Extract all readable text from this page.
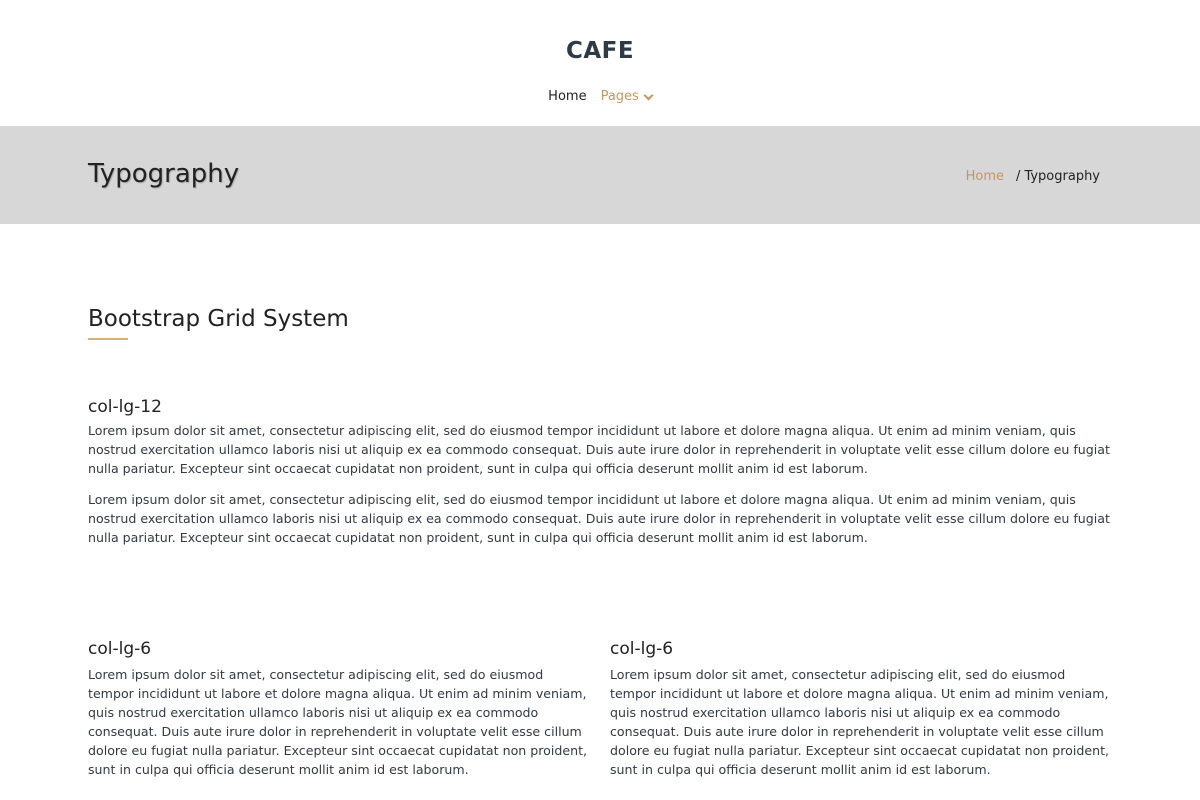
CAFE
Home Pages
Typography	Home / Typography
Bootstrap Grid System
col-lg-12

Lorem ipsum dolor sit amet, consectetur adipiscing elit, sed do eiusmod tempor incididunt ut labore et dolore magna aliqua. Ut enim ad minim veniam, quis nostrud exercitation ullamco laboris nisi ut aliquip ex ea commodo consequat. Duis aute irure dolor in reprehenderit in voluptate velit esse cillum dolore eu fugiat nulla pariatur. Excepteur sint occaecat cupidatat non proident, sunt in culpa qui officia deserunt mollit anim id est laborum.

Lorem ipsum dolor sit amet, consectetur adipiscing elit, sed do eiusmod tempor incididunt ut labore et dolore magna aliqua. Ut enim ad minim veniam, quis nostrud exercitation ullamco laboris nisi ut aliquip ex ea commodo consequat. Duis aute irure dolor in reprehenderit in voluptate velit esse cillum dolore eu fugiat nulla pariatur. Excepteur sint occaecat cupidatat non proident, sunt in culpa qui officia deserunt mollit anim id est laborum.

col-lg-6

Lorem ipsum dolor sit amet, consectetur adipiscing elit, sed do eiusmod tempor incididunt ut labore et dolore magna aliqua. Ut enim ad minim veniam, quis nostrud exercitation ullamco laboris nisi ut aliquip ex ea commodo consequat. Duis aute irure dolor in reprehenderit in voluptate velit esse cillum dolore eu fugiat nulla pariatur. Excepteur sint occaecat cupidatat non proident, sunt in culpa qui officia deserunt mollit anim id est laborum.

col-lg-6

Lorem ipsum dolor sit amet, consectetur adipiscing elit, sed do eiusmod tempor incididunt ut labore et dolore magna aliqua. Ut enim ad minim veniam, quis nostrud exercitation ullamco laboris nisi ut aliquip ex ea commodo consequat. Duis aute irure dolor in reprehenderit in voluptate velit esse cillum dolore eu fugiat nulla pariatur. Excepteur sint occaecat cupidatat non proident, sunt in culpa qui officia deserunt mollit anim id est laborum.
